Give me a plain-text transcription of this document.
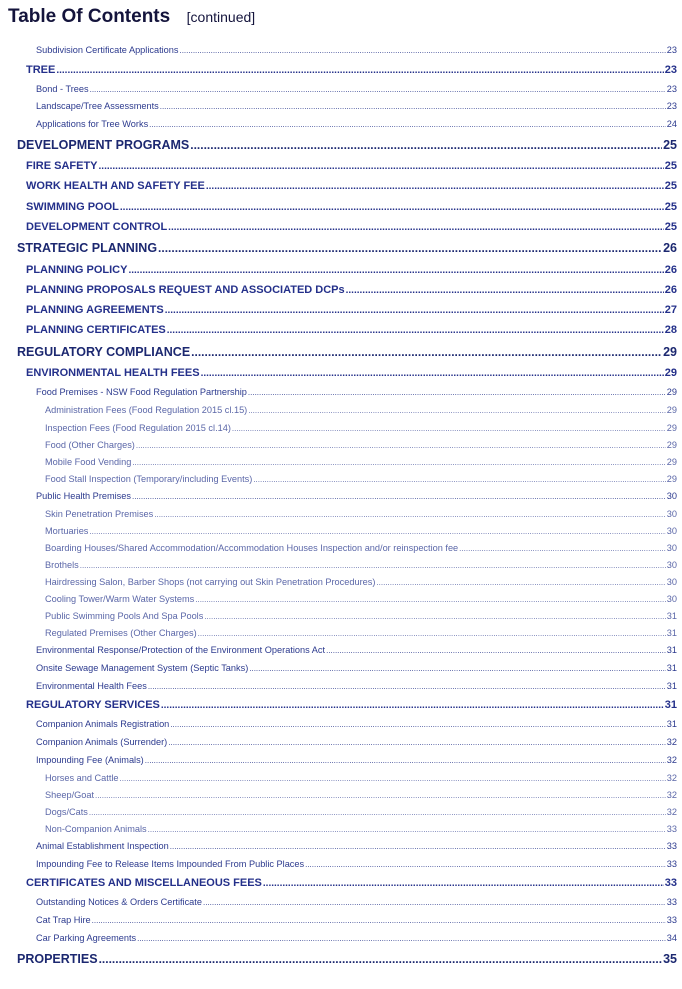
Table Of Contents [continued]
Subdivision Certificate Applications .....	23
TREE .....	23
Bond - Trees .....	23
Landscape/Tree Assessments .....	23
Applications for Tree Works .....	24
DEVELOPMENT PROGRAMS .....	25
FIRE SAFETY .....	25
WORK HEALTH AND SAFETY FEE .....	25
SWIMMING POOL .....	25
DEVELOPMENT CONTROL .....	25
STRATEGIC PLANNING .....	26
PLANNING POLICY .....	26
PLANNING PROPOSALS REQUEST AND ASSOCIATED DCPs .....	26
PLANNING AGREEMENTS .....	27
PLANNING CERTIFICATES .....	28
REGULATORY COMPLIANCE .....	29
ENVIRONMENTAL HEALTH FEES .....	29
Food Premises - NSW Food Regulation Partnership .....	29
Administration Fees (Food Regulation 2015 cl.15) .....	29
Inspection Fees (Food Regulation 2015 cl.14) .....	29
Food (Other Charges) .....	29
Mobile Food Vending .....	29
Food Stall Inspection (Temporary/including Events) .....	29
Public Health Premises .....	30
Skin Penetration Premises .....	30
Mortuaries .....	30
Boarding Houses/Shared Accommodation/Accommodation Houses Inspection and/or reinspection fee .....	30
Brothels .....	30
Hairdressing Salon, Barber Shops (not carrying out Skin Penetration Procedures) .....	30
Cooling Tower/Warm Water Systems .....	30
Public Swimming Pools And Spa Pools .....	31
Regulated Premises (Other Charges) .....	31
Environmental Response/Protection of the Environment Operations Act .....	31
Onsite Sewage Management System (Septic Tanks) .....	31
Environmental Health Fees .....	31
REGULATORY SERVICES .....	31
Companion Animals Registration .....	31
Companion Animals (Surrender) .....	32
Impounding Fee (Animals) .....	32
Horses and Cattle .....	32
Sheep/Goat .....	32
Dogs/Cats .....	32
Non-Companion Animals .....	33
Animal Establishment Inspection .....	33
Impounding Fee to Release Items Impounded From Public Places .....	33
CERTIFICATES AND MISCELLANEOUS FEES .....	33
Outstanding Notices & Orders Certificate .....	33
Cat Trap Hire .....	33
Car Parking Agreements .....	34
PROPERTIES .....	35
